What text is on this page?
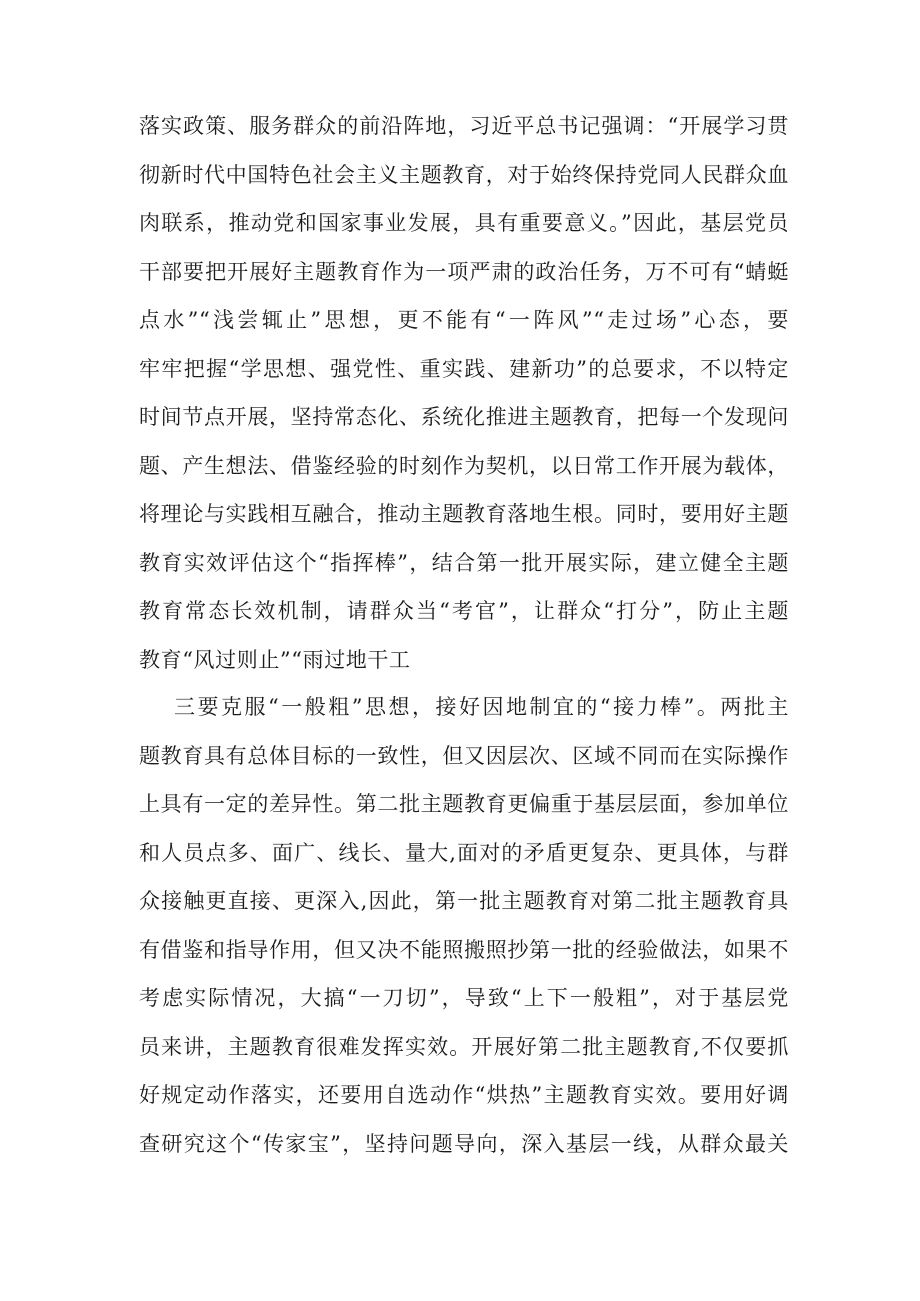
落实政策、服务群众的前沿阵地，习近平总书记强调：“开展学习贯
彻新时代中国特色社会主义主题教育，对于始终保持党同人民群众血
肉联系，推动党和国家事业发展，具有重要意义。”因此，基层党员
干部要把开展好主题教育作为一项严肃的政治任务，万不可有“蜻蜓
点水”“浅尝辄止”思想，更不能有“一阵风”“走过场”心态，要
牢牢把握“学思想、强党性、重实践、建新功”的总要求，不以特定
时间节点开展，坚持常态化、系统化推进主题教育，把每一个发现问
题、产生想法、借鉴经验的时刻作为契机，以日常工作开展为载体，
将理论与实践相互融合，推动主题教育落地生根。同时，要用好主题
教育实效评估这个“指挥棒”，结合第一批开展实际，建立健全主题
教育常态长效机制，请群众当“考官”，让群众“打分”，防止主题
教育“风过则止”“雨过地干工
三要克服“一般粗”思想，接好因地制宜的“接力棒”。两批主
题教育具有总体目标的一致性，但又因层次、区域不同而在实际操作
上具有一定的差异性。第二批主题教育更偏重于基层层面，参加单位
和人员点多、面广、线长、量大,面对的矛盾更复杂、更具体，与群
众接触更直接、更深入,因此，第一批主题教育对第二批主题教育具
有借鉴和指导作用，但又决不能照搬照抄第一批的经验做法，如果不
考虑实际情况，大搞“一刀切”，导致“上下一般粗”，对于基层党
员来讲，主题教育很难发挥实效。开展好第二批主题教育,不仅要抓
好规定动作落实，还要用自选动作“烘热”主题教育实效。要用好调
查研究这个“传家宝”，坚持问题导向，深入基层一线，从群众最关
